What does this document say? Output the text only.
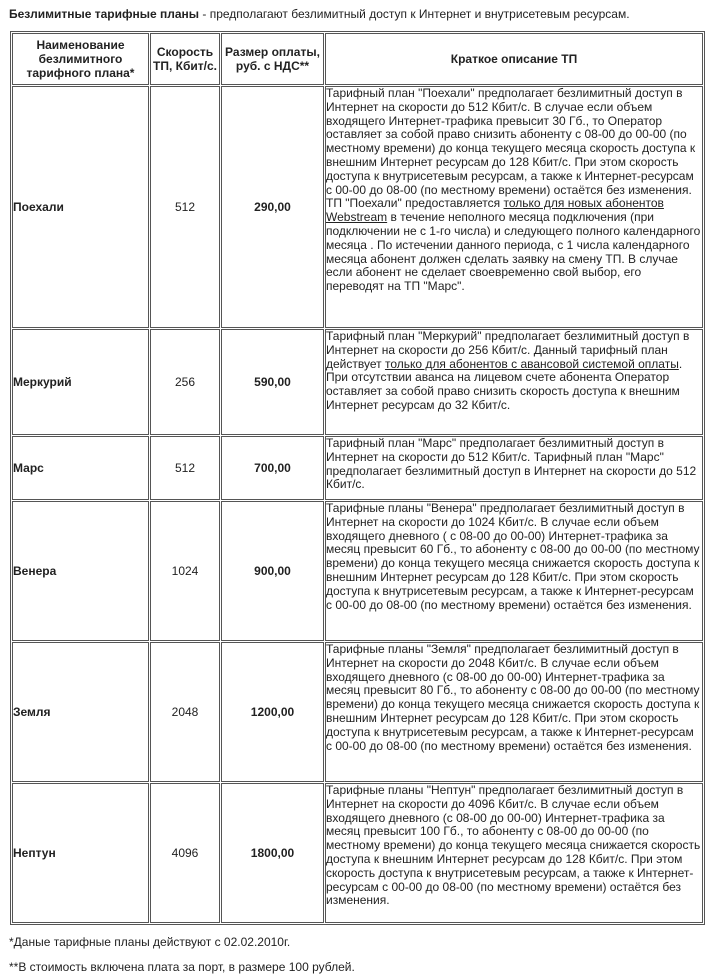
Безлимитные тарифные планы - предполагают безлимитный доступ к Интернет и внутрисетевым ресурсам.
Наименование безлимитного тарифного плана*	Скорость ТП, Кбит/с.	Размер оплаты, руб. с НДС**	Краткое описание ТП
Поехали	512	290,00	Тарифный план "Поехали" предполагает безлимитный доступ в Интернет на скорости до 512 Кбит/с. В случае если объем входящего Интернет-трафика превысит 30 Гб., то Оператор оставляет за собой право снизить абоненту с 08-00 до 00-00 (по местному времени) до конца текущего месяца скорость доступа к внешним Интернет ресурсам до 128 Кбит/с. При этом скорость доступа к внутрисетевым ресурсам, а также к Интернет-ресурсам с 00-00 до 08-00 (по местному времени) остаётся без изменения. ТП "Поехали" предоставляется только для новых абонентов Webstream в течение неполного месяца подключения (при подключении не с 1-го числа) и следующего полного календарного месяца . По истечении данного периода, с 1 числа календарного месяца абонент должен сделать заявку на смену ТП. В случае если абонент не сделает своевременно свой выбор, его переводят на ТП "Марс".
Меркурий	256	590,00	Тарифный план "Меркурий" предполагает безлимитный доступ в Интернет на скорости до 256 Кбит/с. Данный тарифный план действует только для абонентов с авансовой системой оплаты. При отсутствии аванса на лицевом счете абонента Оператор оставляет за собой право снизить скорость доступа к внешним Интернет ресурсам до 32 Кбит/с.
Марс	512	700,00	Тарифный план "Марс" предполагает безлимитный доступ в Интернет на скорости до 512 Кбит/с. Тарифный план "Марс" предполагает безлимитный доступ в Интернет на скорости до 512 Кбит/с.
Венера	1024	900,00	Тарифные планы "Венера" предполагает безлимитный доступ в Интернет на скорости до 1024 Кбит/с. В случае если объем входящего дневного ( с 08-00 до 00-00) Интернет-трафика за месяц превысит 60 Гб., то абоненту с 08-00 до 00-00 (по местному времени) до конца текущего месяца снижается скорость доступа к внешним Интернет ресурсам до 128 Кбит/с. При этом скорость доступа к внутрисетевым ресурсам, а также к Интернет-ресурсам с 00-00 до 08-00 (по местному времени) остаётся без изменения.
Земля	2048	1200,00	Тарифные планы "Земля" предполагает безлимитный доступ в Интернет на скорости до 2048 Кбит/с. В случае если объем входящего дневного (с 08-00 до 00-00) Интернет-трафика за месяц превысит 80 Гб., то абоненту с 08-00 до 00-00 (по местному времени) до конца текущего месяца снижается скорость доступа к внешним Интернет ресурсам до 128 Кбит/с. При этом скорость доступа к внутрисетевым ресурсам, а также к Интернет-ресурсам с 00-00 до 08-00 (по местному времени) остаётся без изменения.
Нептун	4096	1800,00	Тарифные планы "Нептун" предполагает безлимитный доступ в Интернет на скорости до 4096 Кбит/с. В случае если объем входящего дневного (с 08-00 до 00-00) Интернет-трафика за месяц превысит 100 Гб., то абоненту с 08-00 до 00-00 (по местному времени) до конца текущего месяца снижается скорость доступа к внешним Интернет ресурсам до 128 Кбит/с. При этом скорость доступа к внутрисетевым ресурсам, а также к Интернет-ресурсам с 00-00 до 08-00 (по местному времени) остаётся без изменения.
*Даные тарифные планы действуют с 02.02.2010г.
**В стоимость включена плата за порт, в размере 100 рублей.
